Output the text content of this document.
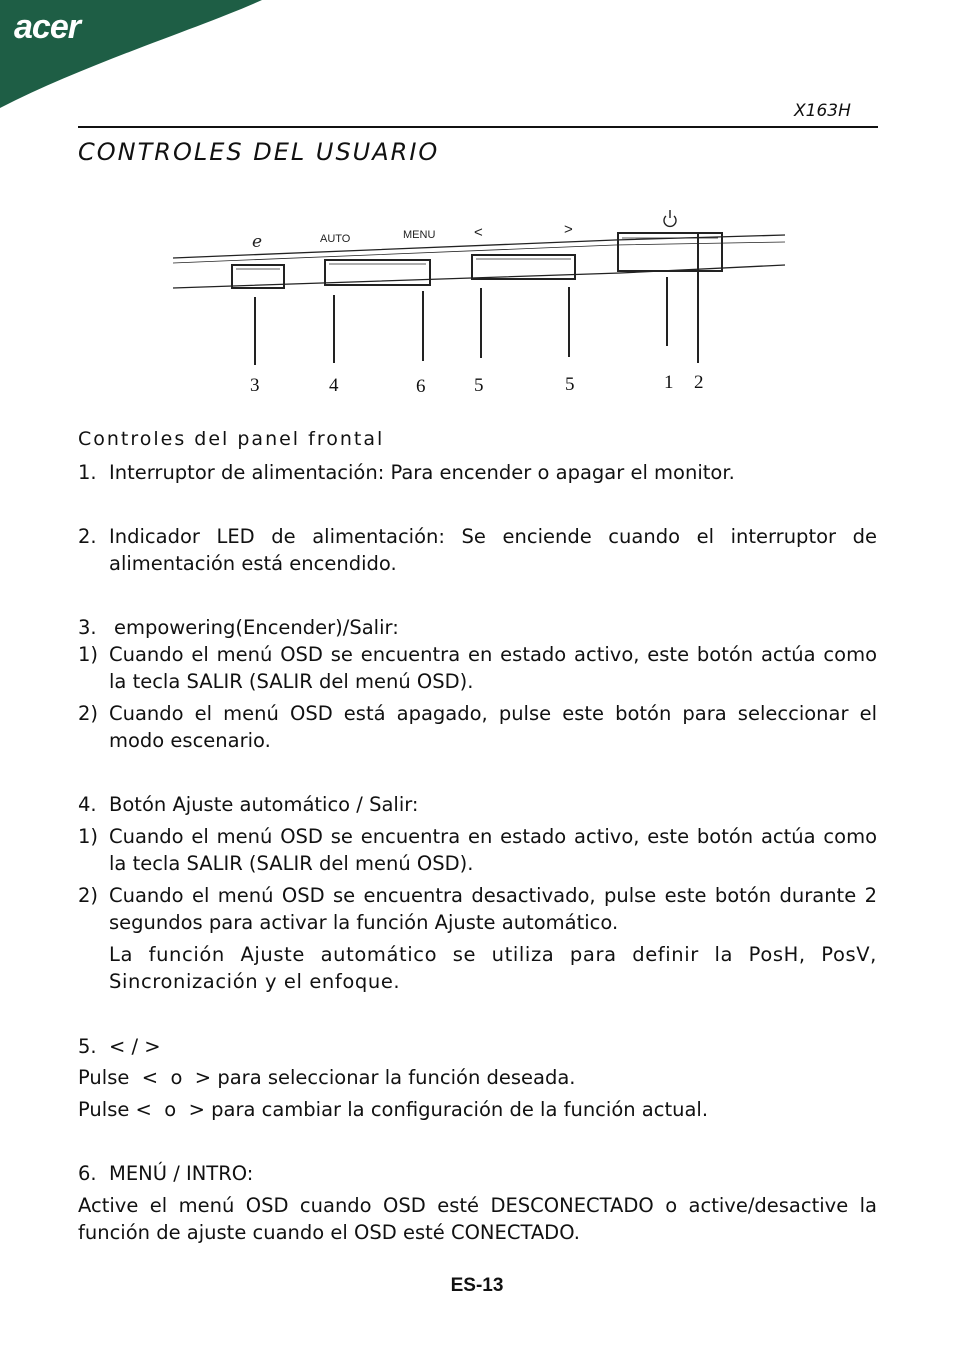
acer
X163H
CONTROLES DEL USUARIO
e	AUTO	MENU	<	>
3	4	6	5	5	1 2
Controles del panel frontal
1. Interruptor de alimentación: Para encender o apagar el monitor.
2. Indicador LED de alimentación: Se enciende cuando el interruptor de alimentación está encendido.
3. empowering(Encender)/Salir:
1) Cuando el menú OSD se encuentra en estado activo, este botón actúa como la tecla SALIR (SALIR del menú OSD).
2) Cuando el menú OSD está apagado, pulse este botón para seleccionar el modo escenario.
4. Botón Ajuste automático / Salir:
1) Cuando el menú OSD se encuentra en estado activo, este botón actúa como la tecla SALIR (SALIR del menú OSD).
2) Cuando el menú OSD se encuentra desactivado, pulse este botón durante 2 segundos para activar la función Ajuste automático.
La función Ajuste automático se utiliza para definir la PosH, PosV, Sincronización y el enfoque.
5. < / >
Pulse  <  o  > para seleccionar la función deseada.
Pulse <  o  > para cambiar la configuración de la función actual.
6. MENÚ / INTRO:
Active el menú OSD cuando OSD esté DESCONECTADO o active/desactive la función de ajuste cuando el OSD esté CONECTADO.
ES-13
